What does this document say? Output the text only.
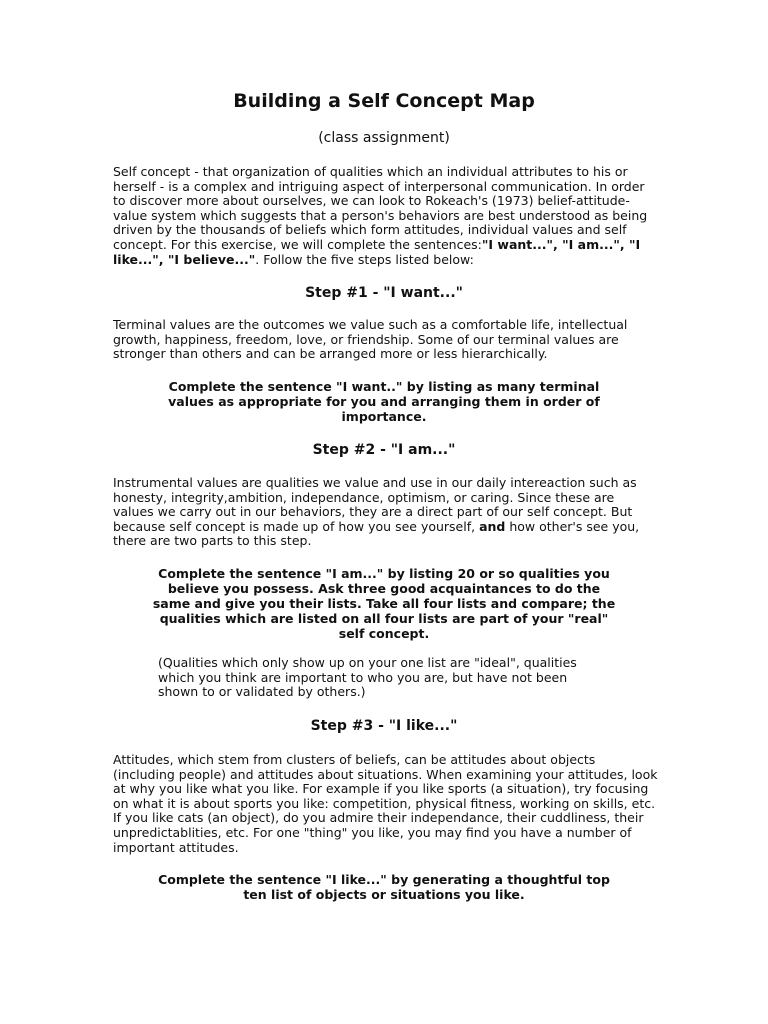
Building a Self Concept Map
(class assignment)
Self concept - that organization of qualities which an individual attributes to his or herself - is a complex and intriguing aspect of interpersonal communication. In order to discover more about ourselves, we can look to Rokeach's (1973) belief-attitude-value system which suggests that a person's behaviors are best understood as being driven by the thousands of beliefs which form attitudes, individual values and self concept. For this exercise, we will complete the sentences:"I want...", "I am...", "I like...", "I believe...". Follow the five steps listed below:
Step #1 - "I want..."
Terminal values are the outcomes we value such as a comfortable life, intellectual growth, happiness, freedom, love, or friendship. Some of our terminal values are stronger than others and can be arranged more or less hierarchically.
Complete the sentence "I want.." by listing as many terminal values as appropriate for you and arranging them in order of importance.
Step #2 - "I am..."
Instrumental values are qualities we value and use in our daily intereaction such as honesty, integrity,ambition, independance, optimism, or caring. Since these are values we carry out in our behaviors, they are a direct part of our self concept. But because self concept is made up of how you see yourself, and how other's see you, there are two parts to this step.
Complete the sentence "I am..." by listing 20 or so qualities you believe you possess. Ask three good acquaintances to do the same and give you their lists. Take all four lists and compare; the qualities which are listed on all four lists are part of your "real" self concept.
(Qualities which only show up on your one list are "ideal", qualities which you think are important to who you are, but have not been shown to or validated by others.)
Step #3 - "I like..."
Attitudes, which stem from clusters of beliefs, can be attitudes about objects (including people) and attitudes about situations. When examining your attitudes, look at why you like what you like. For example if you like sports (a situation), try focusing on what it is about sports you like: competition, physical fitness, working on skills, etc. If you like cats (an object), do you admire their independance, their cuddliness, their unpredictablities, etc. For one "thing" you like, you may find you have a number of important attitudes.
Complete the sentence "I like..." by generating a thoughtful top ten list of objects or situations you like.
